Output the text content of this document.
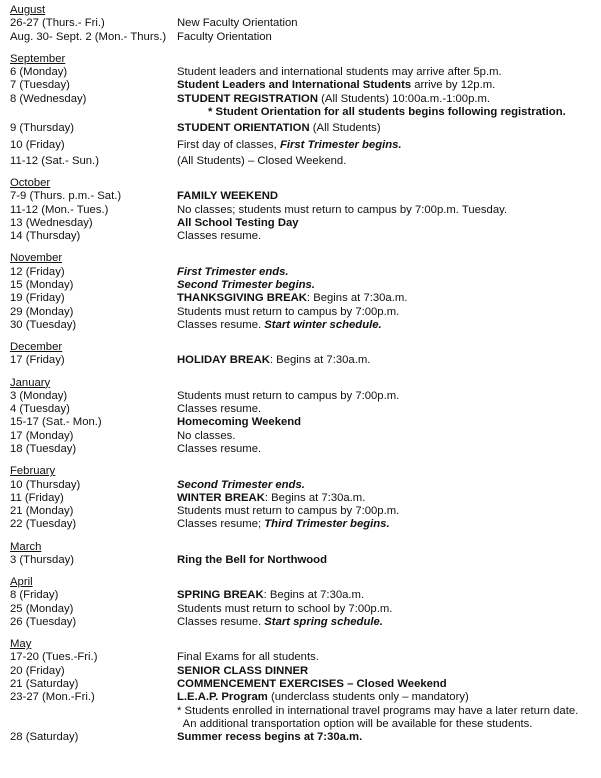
August
26-27 (Thurs.- Fri.)	New Faculty Orientation
Aug. 30- Sept. 2 (Mon.- Thurs.) Faculty Orientation
September
6 (Monday)	Student leaders and international students may arrive after 5p.m.
7 (Tuesday)	Student Leaders and International Students arrive by 12p.m.
8 (Wednesday)	STUDENT REGISTRATION (All Students) 10:00a.m.-1:00p.m.
* Student Orientation for all students begins following registration.
9 (Thursday)	STUDENT ORIENTATION (All Students)
10 (Friday)	First day of classes, First Trimester begins.
11-12 (Sat.- Sun.)	(All Students) – Closed Weekend.
October
7-9 (Thurs. p.m.- Sat.)	FAMILY WEEKEND
11-12 (Mon.- Tues.)	No classes; students must return to campus by 7:00p.m. Tuesday.
13 (Wednesday)	All School Testing Day
14 (Thursday)	Classes resume.
November
12 (Friday)	First Trimester ends.
15 (Monday)	Second Trimester begins.
19 (Friday)	THANKSGIVING BREAK: Begins at 7:30a.m.
29 (Monday)	Students must return to campus by 7:00p.m.
30 (Tuesday)	Classes resume. Start winter schedule.
December
17 (Friday)	HOLIDAY BREAK: Begins at 7:30a.m.
January
3 (Monday)	Students must return to campus by 7:00p.m.
4 (Tuesday)	Classes resume.
15-17 (Sat.- Mon.)	Homecoming Weekend
17 (Monday)	No classes.
18 (Tuesday)	Classes resume.
February
10 (Thursday)	Second Trimester ends.
11 (Friday)	WINTER BREAK: Begins at 7:30a.m.
21 (Monday)	Students must return to campus by 7:00p.m.
22 (Tuesday)	Classes resume; Third Trimester begins.
March
3 (Thursday)	Ring the Bell for Northwood
April
8 (Friday)	SPRING BREAK: Begins at 7:30a.m.
25 (Monday)	Students must return to school by 7:00p.m.
26 (Tuesday)	Classes resume. Start spring schedule.
May
17-20 (Tues.-Fri.)	Final Exams for all students.
20 (Friday)	SENIOR CLASS DINNER
21 (Saturday)	COMMENCEMENT EXERCISES – Closed Weekend
23-27 (Mon.-Fri.)	L.E.A.P. Program (underclass students only – mandatory)
* Students enrolled in international travel programs may have a later return date.
An additional transportation option will be available for these students.
28 (Saturday)	Summer recess begins at 7:30a.m.
